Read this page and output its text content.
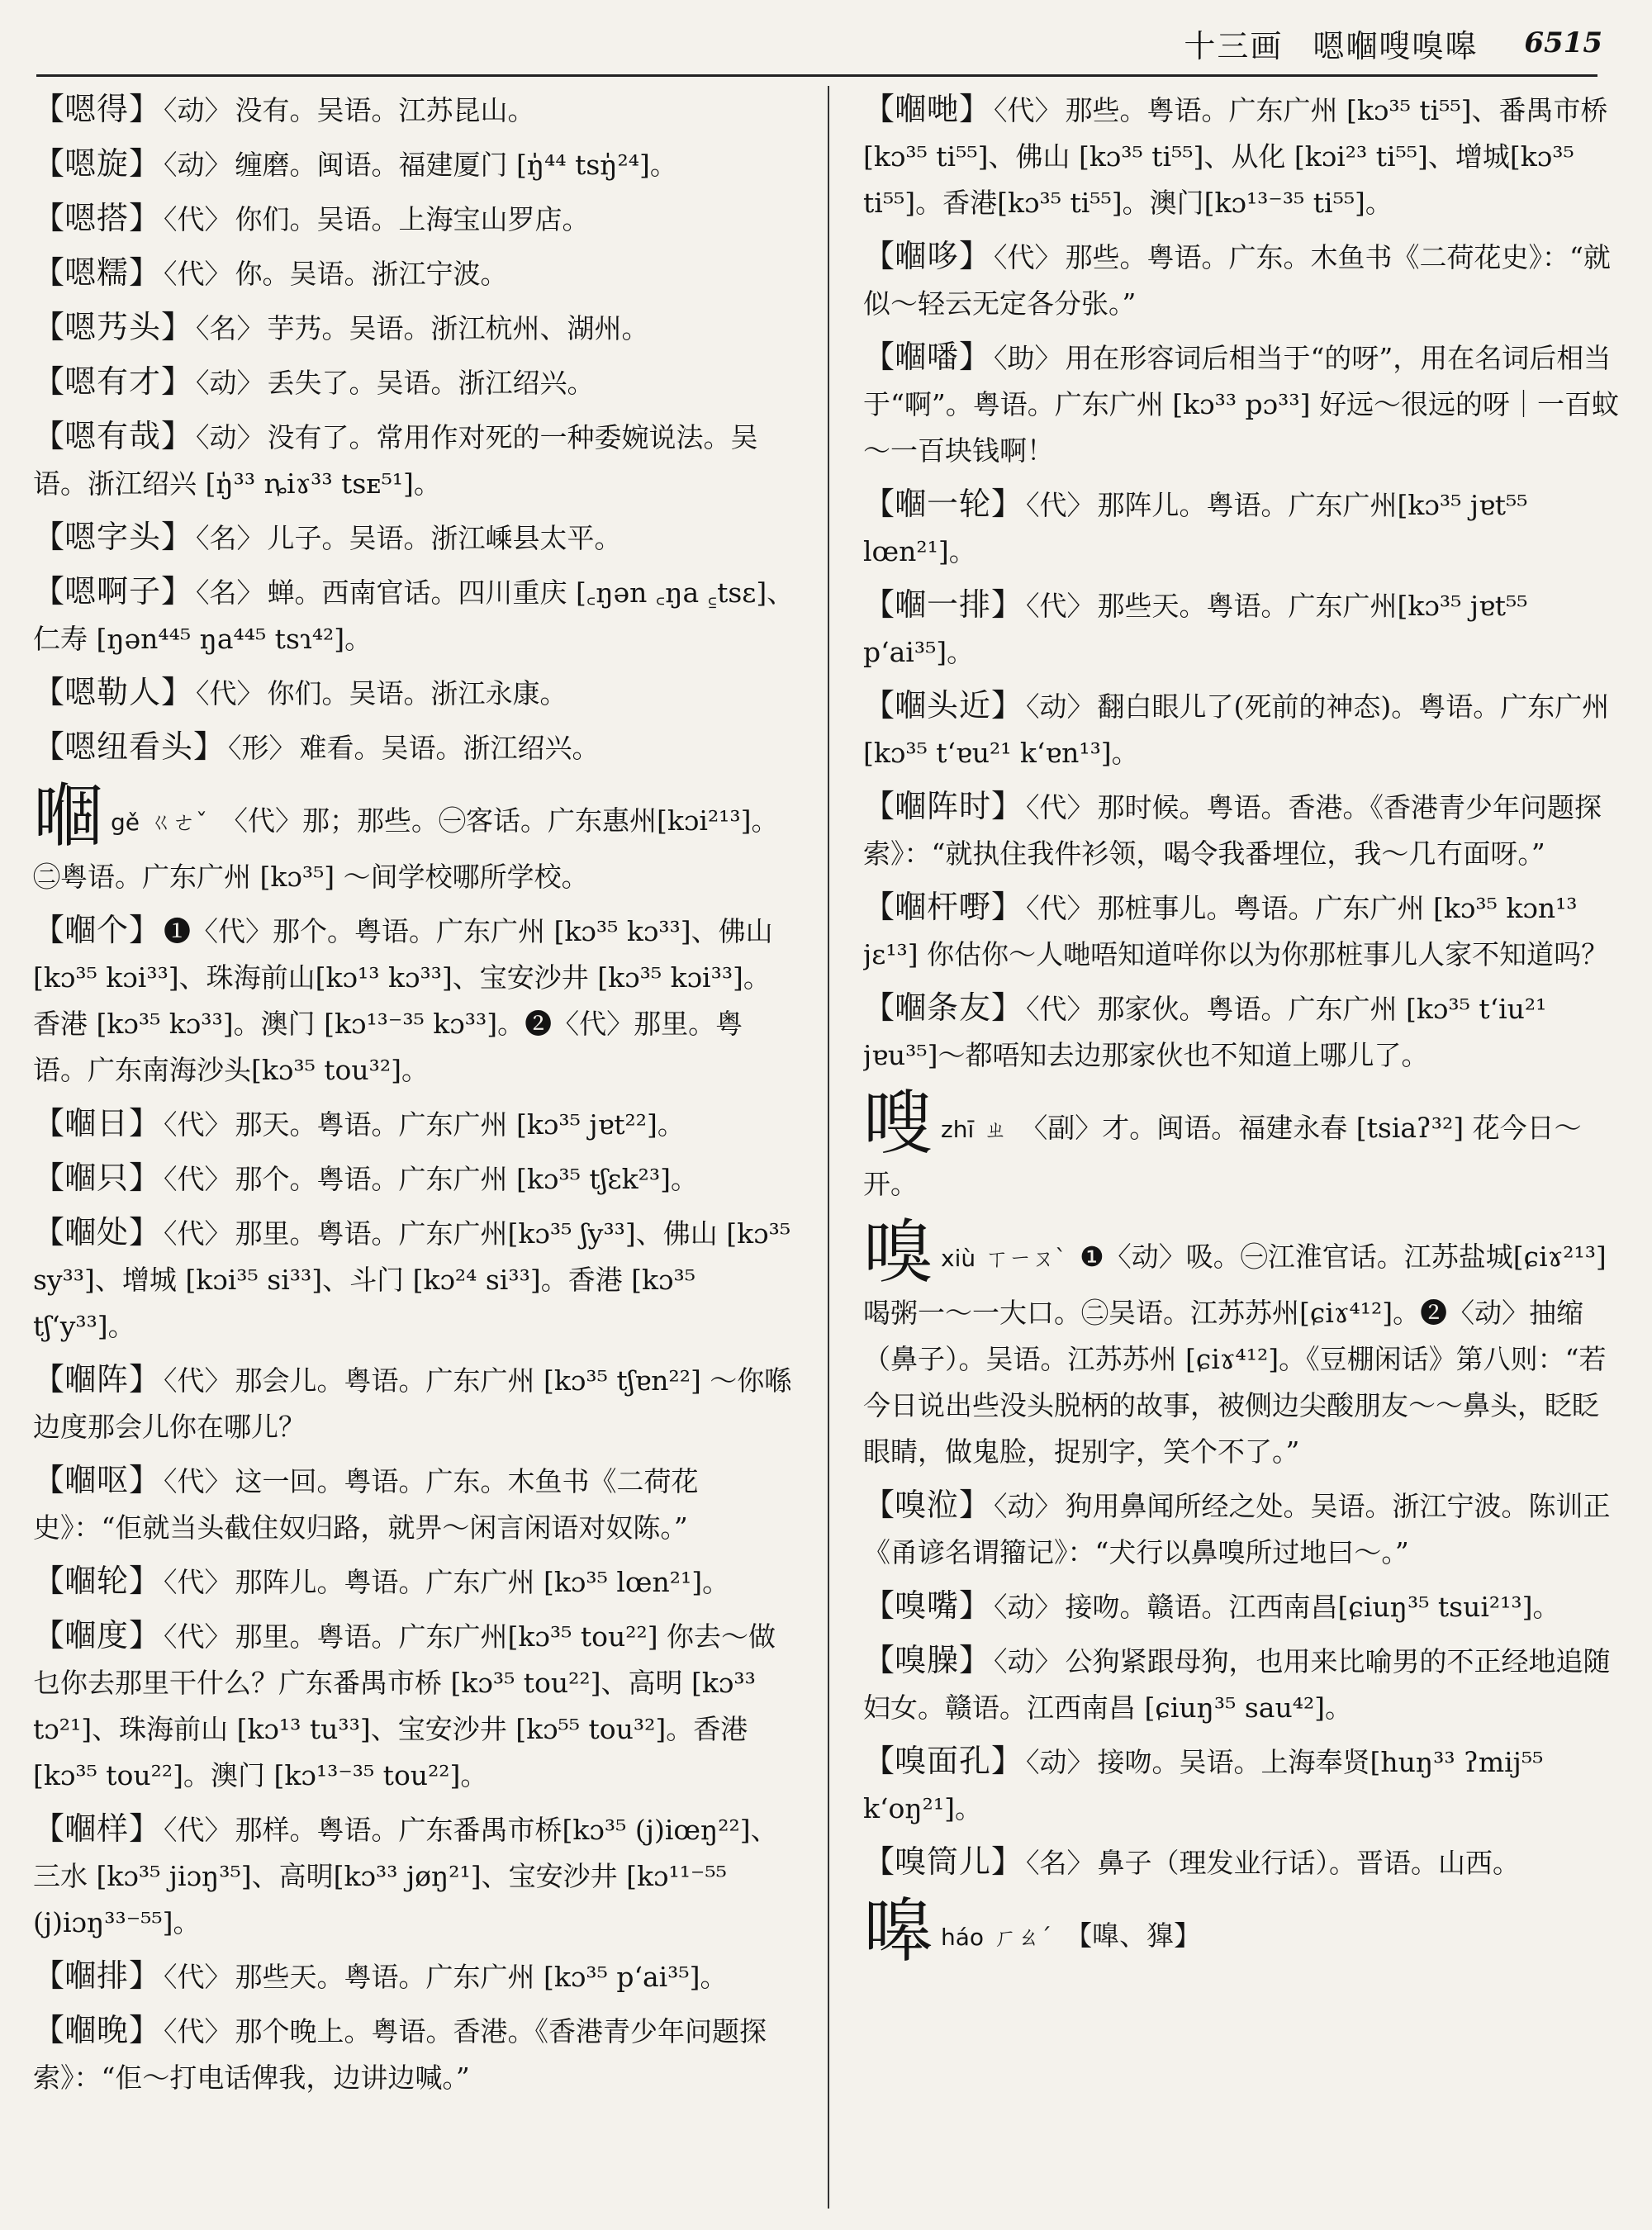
十三画 嗯嗰嗖嗅嗥 6515
【嗯得】 〈动〉 没有。吴语。江苏昆山。
【嗯旋】 〈动〉 缠磨。闽语。福建厦门 [ŋ̍⁴⁴ tsŋ̍²⁴]。
【嗯搭】 〈代〉 你们。吴语。上海宝山罗店。
【嗯糯】 〈代〉 你。吴语。浙江宁波。
【嗯艿头】 〈名〉 芋艿。吴语。浙江杭州、湖州。
【嗯有才】 〈动〉 丢失了。吴语。浙江绍兴。
【嗯有哉】 〈动〉 没有了。常用作对死的一种委婉说法。吴语。浙江绍兴 [ŋ̍³³ ȵiɤ³³ tsᴇ⁵¹]。
【嗯字头】 〈名〉 儿子。吴语。浙江嵊县太平。
【嗯啊子】 〈名〉 蝉。西南官话。四川重庆 [꜀ŋən ꜀ŋa ꜁tsɛ]、仁寿 [ŋən⁴⁴⁵ ŋa⁴⁴⁵ tsɿ⁴²]。
【嗯勒人】 〈代〉 你们。吴语。浙江永康。
【嗯纽看头】 〈形〉 难看。吴语。浙江绍兴。
嗰gě ㄍㄜˇ 〈代〉那；那些。㊀客话。广东惠州[kɔi²¹³]。㊁粤语。广东广州 [kɔ³⁵] ～间学校哪所学校。
【嗰个】 ❶〈代〉那个。粤语。广东广州 [kɔ³⁵ kɔ³³]、佛山 [kɔ³⁵ kɔi³³]、珠海前山[kɔ¹³ kɔ³³]、宝安沙井 [kɔ³⁵ kɔi³³]。香港 [kɔ³⁵ kɔ³³]。澳门 [kɔ¹³⁻³⁵ kɔ³³]。❷〈代〉那里。粤语。广东南海沙头[kɔ³⁵ tou³²]。
【嗰日】 〈代〉 那天。粤语。广东广州 [kɔ³⁵ jɐt²²]。
【嗰只】 〈代〉 那个。粤语。广东广州 [kɔ³⁵ tʃɛk²³]。
【嗰处】 〈代〉 那里。粤语。广东广州[kɔ³⁵ ʃy³³]、佛山 [kɔ³⁵ sy³³]、增城 [kɔi³⁵ si³³]、斗门 [kɔ²⁴ si³³]。香港 [kɔ³⁵ tʃʻy³³]。
【嗰阵】 〈代〉 那会儿。粤语。广东广州 [kɔ³⁵ tʃɐn²²] ～你喺边度那会儿你在哪儿？
【嗰呕】 〈代〉 这一回。粤语。广东。木鱼书《二荷花史》：“佢就当头截住奴归路，就畀～闲言闲语对奴陈。”
【嗰轮】 〈代〉 那阵儿。粤语。广东广州 [kɔ³⁵ lœn²¹]。
【嗰度】 〈代〉 那里。粤语。广东广州[kɔ³⁵ tou²²] 你去～做乜你去那里干什么？广东番禺市桥 [kɔ³⁵ tou²²]、高明 [kɔ³³ tɔ²¹]、珠海前山 [kɔ¹³ tu³³]、宝安沙井 [kɔ⁵⁵ tou³²]。香港 [kɔ³⁵ tou²²]。澳门 [kɔ¹³⁻³⁵ tou²²]。
【嗰样】 〈代〉 那样。粤语。广东番禺市桥[kɔ³⁵ (j)iœŋ²²]、三水 [kɔ³⁵ jiɔŋ³⁵]、高明[kɔ³³ jøŋ²¹]、宝安沙井 [kɔ¹¹⁻⁵⁵ (j)iɔŋ³³⁻⁵⁵]。
【嗰排】 〈代〉 那些天。粤语。广东广州 [kɔ³⁵ pʻai³⁵]。
【嗰晚】 〈代〉 那个晚上。粤语。香港。《香港青少年问题探索》：“佢～打电话俾我，边讲边喊。”
【嗰哋】 〈代〉 那些。粤语。广东广州 [kɔ³⁵ ti⁵⁵]、番禺市桥 [kɔ³⁵ ti⁵⁵]、佛山 [kɔ³⁵ ti⁵⁵]、从化 [kɔi²³ ti⁵⁵]、增城[kɔ³⁵ ti⁵⁵]。香港[kɔ³⁵ ti⁵⁵]。澳门[kɔ¹³⁻³⁵ ti⁵⁵]。
【嗰哆】 〈代〉 那些。粤语。广东。木鱼书《二荷花史》：“就似～轻云无定各分张。”
【嗰噃】 〈助〉 用在形容词后相当于“的呀”，用在名词后相当于“啊”。粤语。广东广州 [kɔ³³ pɔ³³] 好远～很远的呀｜一百蚊～一百块钱啊！
【嗰一轮】 〈代〉 那阵儿。粤语。广东广州[kɔ³⁵ jɐt⁵⁵ lœn²¹]。
【嗰一排】 〈代〉 那些天。粤语。广东广州[kɔ³⁵ jɐt⁵⁵ pʻai³⁵]。
【嗰头近】 〈动〉 翻白眼儿了(死前的神态)。粤语。广东广州 [kɔ³⁵ tʻɐu²¹ kʻɐn¹³]。
【嗰阵时】 〈代〉 那时候。粤语。香港。《香港青少年问题探索》：“就执住我件衫领，喝令我番埋位，我～几冇面呀。”
【嗰杆嘢】 〈代〉 那桩事儿。粤语。广东广州 [kɔ³⁵ kɔn¹³ jɛ¹³] 你估你～人哋唔知道咩你以为你那桩事儿人家不知道吗？
【嗰条友】 〈代〉 那家伙。粤语。广东广州 [kɔ³⁵ tʻiu²¹ jɐu³⁵]～都唔知去边那家伙也不知道上哪儿了。
嗖zhī ㄓ 〈副〉才。闽语。福建永春 [tsiaʔ³²] 花今日～开。
嗅xiù ㄒㄧㄡˋ ❶〈动〉吸。㊀江淮官话。江苏盐城[ɕiɤ²¹³]喝粥一～一大口。㊁吴语。江苏苏州[ɕiɤ⁴¹²]。❷〈动〉抽缩（鼻子）。吴语。江苏苏州 [ɕiɤ⁴¹²]。《豆棚闲话》第八则：“若今日说出些没头脱柄的故事，被侧边尖酸朋友～～鼻头，眨眨眼睛，做鬼脸，捉别字，笑个不了。”
【嗅涖】 〈动〉 狗用鼻闻所经之处。吴语。浙江宁波。陈训正《甬谚名谓籀记》：“犬行以鼻嗅所过地曰～。”
【嗅嘴】 〈动〉 接吻。赣语。江西南昌[ɕiuŋ³⁵ tsui²¹³]。
【嗅臊】 〈动〉 公狗紧跟母狗，也用来比喻男的不正经地追随妇女。赣语。江西南昌 [ɕiuŋ³⁵ sau⁴²]。
【嗅面孔】 〈动〉 接吻。吴语。上海奉贤[huŋ³³ ʔmij⁵⁵ kʻoŋ²¹]。
【嗅筒儿】 〈名〉 鼻子（理发业行话）。晋语。山西。
嗥háo ㄏㄠˊ 【嘷、獋】
